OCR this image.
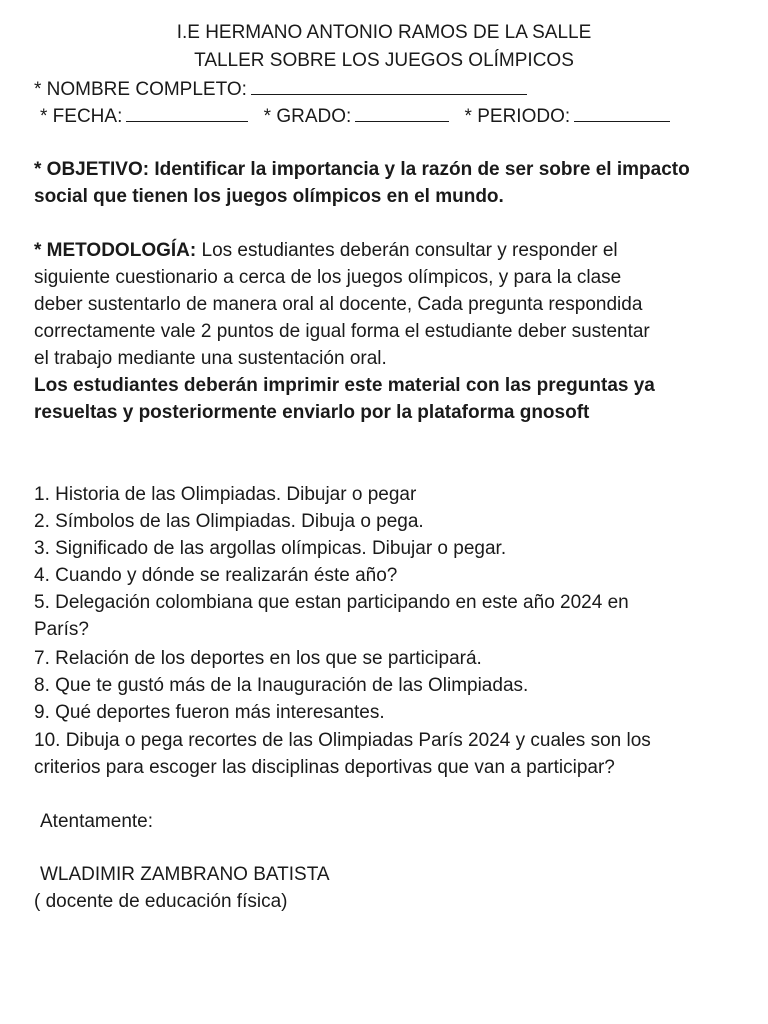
I.E HERMANO ANTONIO RAMOS DE LA SALLE
TALLER SOBRE LOS JUEGOS OLÍMPICOS
* NOMBRE COMPLETO:
* FECHA:	* GRADO:	* PERIODO:
* OBJETIVO: Identificar la importancia y la razón de ser sobre el impacto
social que tienen los juegos olímpicos en el mundo.
* METODOLOGÍA: Los estudiantes deberán consultar y responder el
siguiente cuestionario a cerca de los juegos olímpicos, y para la clase
deber sustentarlo de manera oral al docente, Cada pregunta respondida
correctamente vale 2 puntos de igual forma el estudiante deber sustentar
el trabajo mediante una sustentación oral.
Los estudiantes deberán imprimir este material con las preguntas ya
resueltas y posteriormente enviarlo por la plataforma gnosoft
1. Historia de las Olimpiadas. Dibujar o pegar
2. Símbolos de las Olimpiadas. Dibuja o pega.
3. Significado de las argollas olímpicas. Dibujar o pegar.
4. Cuando y dónde se realizarán éste año?
5. Delegación colombiana que estan participando en este año 2024 en
París?
7. Relación de los deportes en los que se participará.
8. Que te gustó más de la Inauguración de las Olimpiadas.
9. Qué deportes fueron más interesantes.
10. Dibuja o pega recortes de las Olimpiadas París 2024 y cuales son los
criterios para escoger las disciplinas deportivas que van a participar?
Atentamente:
WLADIMIR ZAMBRANO BATISTA
( docente de educación física)
